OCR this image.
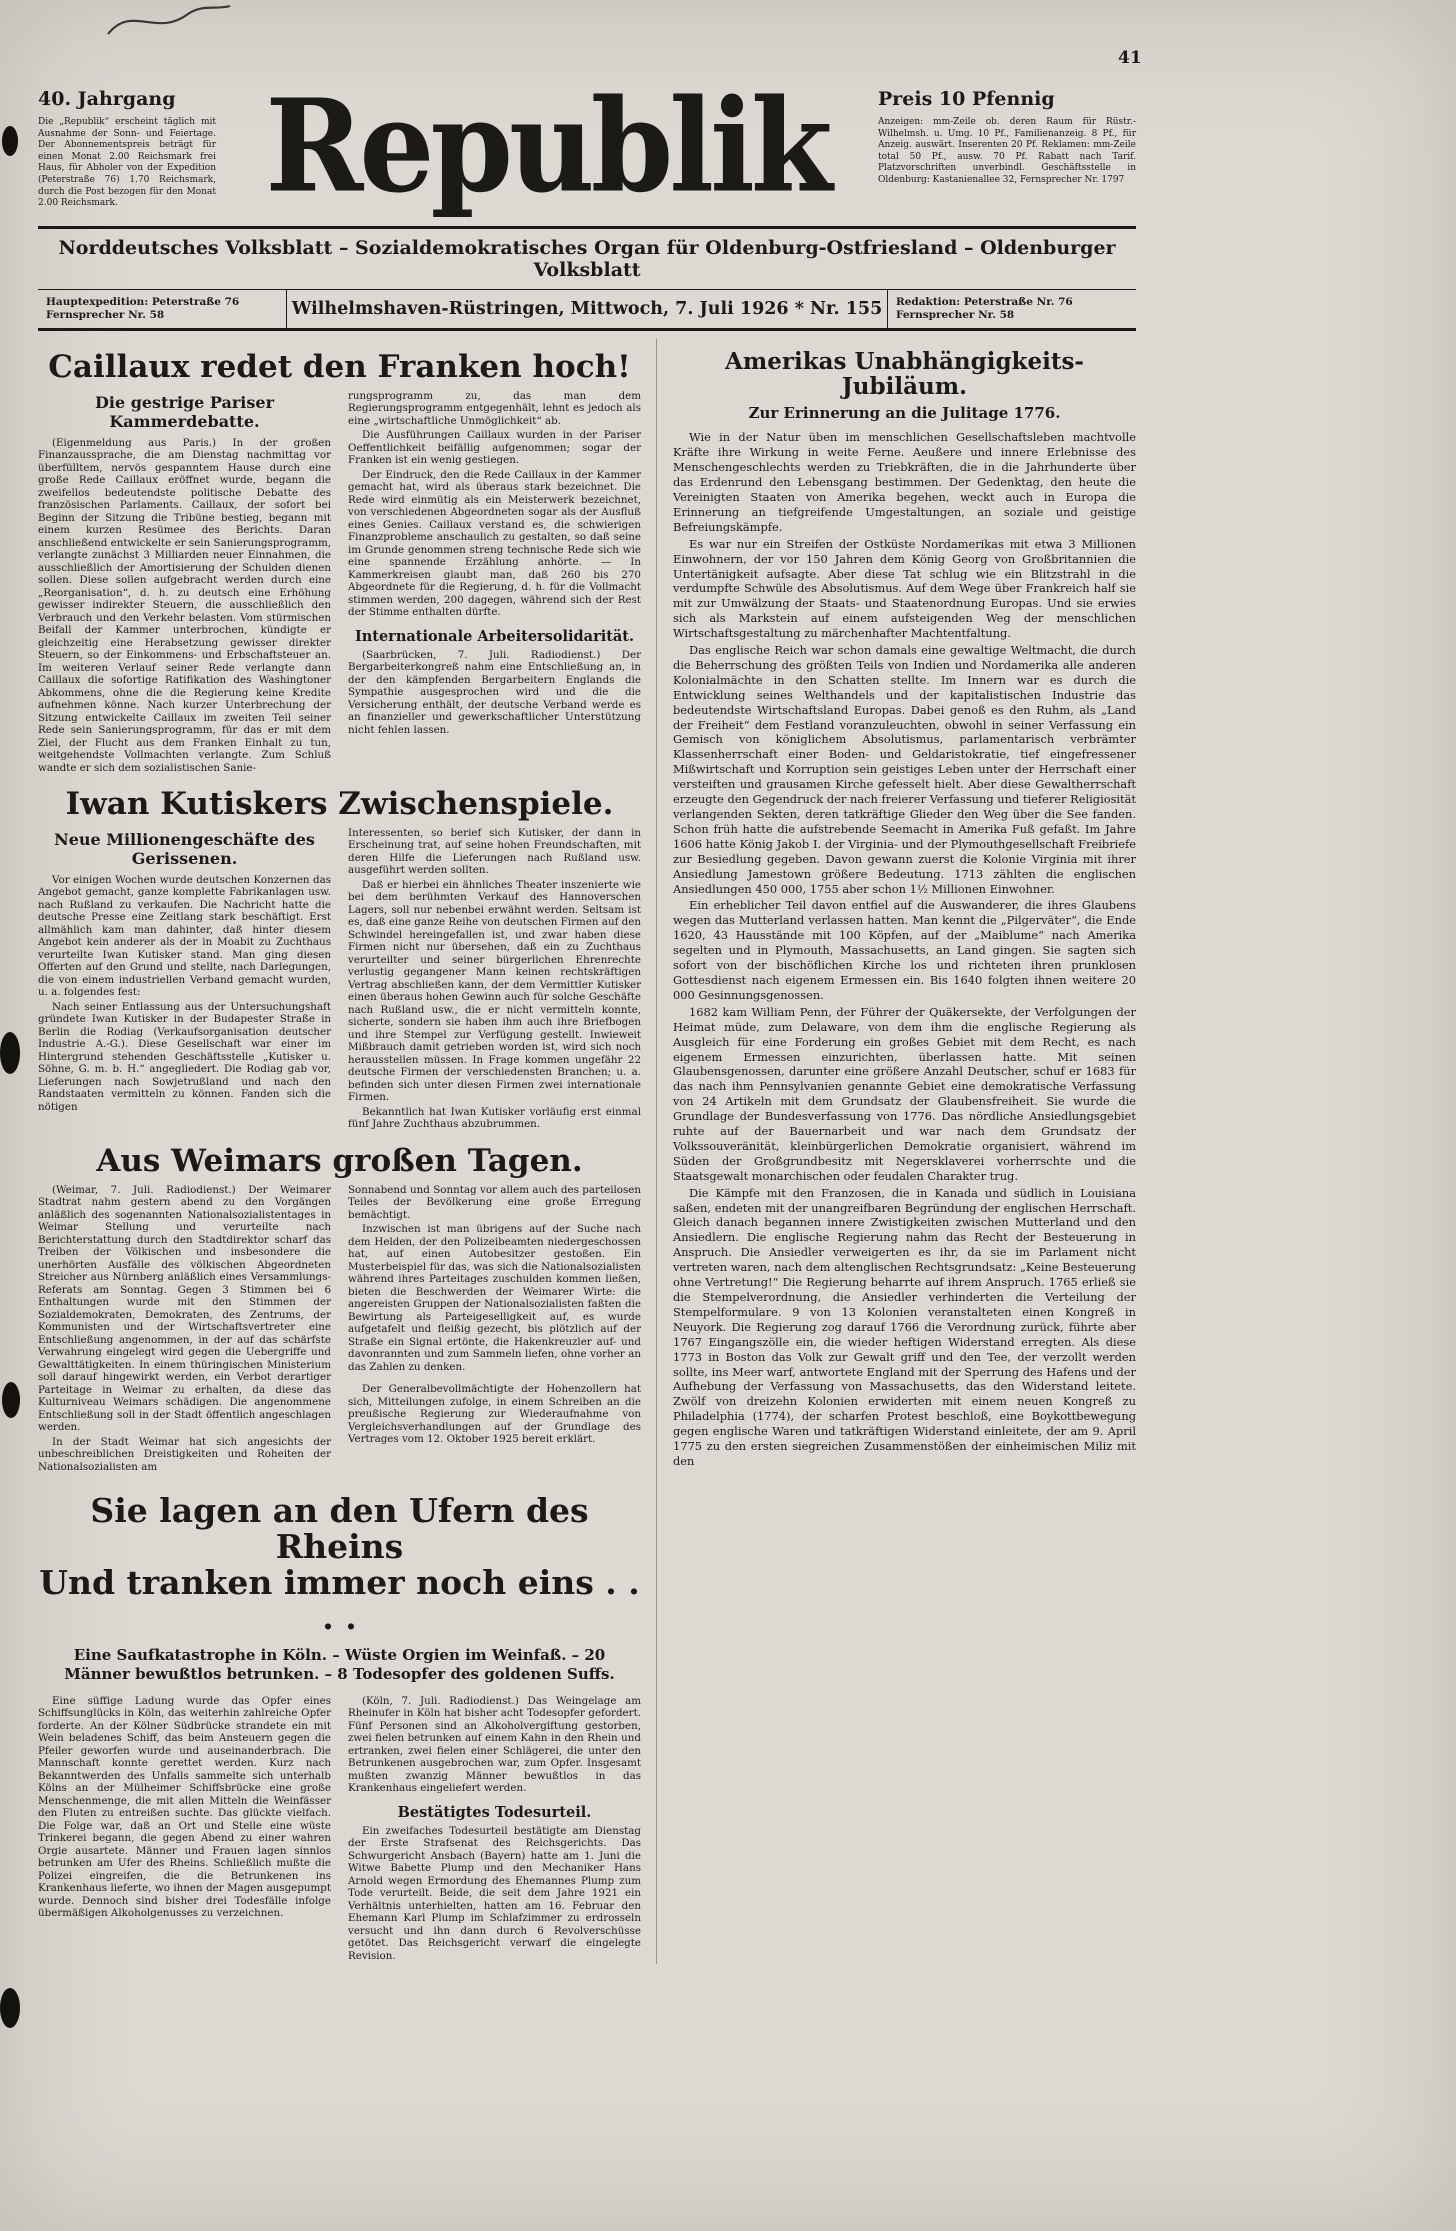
41
40. Jahrgang
Die „Republik“ erscheint täglich mit Ausnahme der Sonn- und Feiertage. Der Abonnementspreis beträgt für einen Monat 2.00 Reichsmark frei Haus, für Abholer von der Expedition (Peterstraße 76) 1.70 Reichsmark, durch die Post bezogen für den Monat 2.00 Reichsmark.	Republik	Preis 10 Pfennig
Anzeigen: mm-Zeile ob. deren Raum für Rüstr.-Wilhelmsh. u. Umg. 10 Pf., Familienanzeig. 8 Pf., für Anzeig. auswärt. Inserenten 20 Pf. Reklamen: mm-Zeile total 50 Pf., ausw. 70 Pf. Rabatt nach Tarif. Platzvorschriften unverbindl. Geschäftsstelle in Oldenburg: Kastanienallee 32, Fernsprecher Nr. 1797
Norddeutsches Volksblatt – Sozialdemokratisches Organ für Oldenburg-Ostfriesland – Oldenburger Volksblatt
Hauptexpedition: Peterstraße 76
Fernsprecher Nr. 58	Wilhelmshaven-Rüstringen, Mittwoch, 7. Juli 1926 * Nr. 155	Redaktion: Peterstraße Nr. 76
Fernsprecher Nr. 58
Caillaux redet den Franken hoch!
Die gestrige Pariser Kammerdebatte.

(Eigenmeldung aus Paris.) In der großen Finanzaussprache, die am Dienstag nachmittag vor überfülltem, nervös gespanntem Hause durch eine große Rede Caillaux eröffnet wurde, begann die zweifellos bedeutendste politische Debatte des französischen Parlaments. Caillaux, der sofort bei Beginn der Sitzung die Tribüne bestieg, begann mit einem kurzen Resümee des Berichts. Daran anschließend entwickelte er sein Sanierungsprogramm, verlangte zunächst 3 Milliarden neuer Einnahmen, die ausschließlich der Amortisierung der Schulden dienen sollen. Diese sollen aufgebracht werden durch eine „Reorganisation“, d. h. zu deutsch eine Erhöhung gewisser indirekter Steuern, die ausschließlich den Verbrauch und den Verkehr belasten. Vom stürmischen Beifall der Kammer unterbrochen, kündigte er gleichzeitig eine Herabsetzung gewisser direkter Steuern, so der Einkommens- und Erbschaftsteuer an. Im weiteren Verlauf seiner Rede verlangte dann Caillaux die sofortige Ratifikation des Washingtoner Abkommens, ohne die die Regierung keine Kredite aufnehmen könne. Nach kurzer Unterbrechung der Sitzung entwickelte Caillaux im zweiten Teil seiner Rede sein Sanierungsprogramm, für das er mit dem Ziel, der Flucht aus dem Franken Einhalt zu tun, weitgehendste Vollmachten verlangte. Zum Schluß wandte er sich dem sozialistischen Sanie-

rungsprogramm zu, das man dem Regierungsprogramm entgegenhält, lehnt es jedoch als eine „wirtschaftliche Unmöglichkeit“ ab.

Die Ausführungen Caillaux wurden in der Pariser Oeffentlichkeit beifällig aufgenommen; sogar der Franken ist ein wenig gestiegen.

Der Eindruck, den die Rede Caillaux in der Kammer gemacht hat, wird als überaus stark bezeichnet. Die Rede wird einmütig als ein Meisterwerk bezeichnet, von verschiedenen Abgeordneten sogar als der Ausfluß eines Genies. Caillaux verstand es, die schwierigen Finanzprobleme anschaulich zu gestalten, so daß seine im Grunde genommen streng technische Rede sich wie eine spannende Erzählung anhörte. — In Kammerkreisen glaubt man, daß 260 bis 270 Abgeordnete für die Regierung, d. h. für die Vollmacht stimmen werden, 200 dagegen, während sich der Rest der Stimme enthalten dürfte.

Internationale Arbeitersolidarität.

(Saarbrücken, 7. Juli. Radiodienst.) Der Bergarbeiterkongreß nahm eine Entschließung an, in der den kämpfenden Bergarbeitern Englands die Sympathie ausgesprochen wird und die die Versicherung enthält, der deutsche Verband werde es an finanzieller und gewerkschaftlicher Unterstützung nicht fehlen lassen.

Iwan Kutiskers Zwischenspiele.
Neue Millionengeschäfte des Gerissenen.

Vor einigen Wochen wurde deutschen Konzernen das Angebot gemacht, ganze komplette Fabrikanlagen usw. nach Rußland zu verkaufen. Die Nachricht hatte die deutsche Presse eine Zeitlang stark beschäftigt. Erst allmählich kam man dahinter, daß hinter diesem Angebot kein anderer als der in Moabit zu Zuchthaus verurteilte Iwan Kutisker stand. Man ging diesen Offerten auf den Grund und stellte, nach Darlegungen, die von einem industriellen Verband gemacht wurden, u. a. folgendes fest:

Nach seiner Entlassung aus der Untersuchungshaft gründete Iwan Kutisker in der Budapester Straße in Berlin die Rodiag (Verkaufsorganisation deutscher Industrie A.-G.). Diese Gesellschaft war einer im Hintergrund stehenden Geschäftsstelle „Kutisker u. Söhne, G. m. b. H.“ angegliedert. Die Rodiag gab vor, Lieferungen nach Sowjetrußland und nach den Randstaaten vermitteln zu können. Fanden sich die nötigen

Interessenten, so berief sich Kutisker, der dann in Erscheinung trat, auf seine hohen Freundschaften, mit deren Hilfe die Lieferungen nach Rußland usw. ausgeführt werden sollten.

Daß er hierbei ein ähnliches Theater inszenierte wie bei dem berühmten Verkauf des Hannoverschen Lagers, soll nur nebenbei erwähnt werden. Seltsam ist es, daß eine ganze Reihe von deutschen Firmen auf den Schwindel hereingefallen ist, und zwar haben diese Firmen nicht nur übersehen, daß ein zu Zuchthaus verurteilter und seiner bürgerlichen Ehrenrechte verlustig gegangener Mann keinen rechtskräftigen Vertrag abschließen kann, der dem Vermittler Kutisker einen überaus hohen Gewinn auch für solche Geschäfte nach Rußland usw., die er nicht vermitteln konnte, sicherte, sondern sie haben ihm auch ihre Briefbogen und ihre Stempel zur Verfügung gestellt. Inwieweit Mißbrauch damit getrieben worden ist, wird sich noch herausstellen müssen. In Frage kommen ungefähr 22 deutsche Firmen der verschiedensten Branchen; u. a. befinden sich unter diesen Firmen zwei internationale Firmen.

Bekanntlich hat Iwan Kutisker vorläufig erst einmal fünf Jahre Zuchthaus abzubrummen.

Aus Weimars großen Tagen.

(Weimar, 7. Juli. Radiodienst.) Der Weimarer Stadtrat nahm gestern abend zu den Vorgängen anläßlich des sogenannten Nationalsozialistentages in Weimar Stellung und verurteilte nach Berichterstattung durch den Stadtdirektor scharf das Treiben der Völkischen und insbesondere die unerhörten Ausfälle des völkischen Abgeordneten Streicher aus Nürnberg anläßlich eines Versammlungs-Referats am Sonntag. Gegen 3 Stimmen bei 6 Enthaltungen wurde mit den Stimmen der Sozialdemokraten, Demokraten, des Zentrums, der Kommunisten und der Wirtschaftsvertreter eine Entschließung angenommen, in der auf das schärfste Verwahrung eingelegt wird gegen die Uebergriffe und Gewalttätigkeiten. In einem thüringischen Ministerium soll darauf hingewirkt werden, ein Verbot derartiger Parteitage in Weimar zu erhalten, da diese das Kulturniveau Weimars schädigen. Die angenommene Entschließung soll in der Stadt öffentlich angeschlagen werden.

In der Stadt Weimar hat sich angesichts der unbeschreiblichen Dreistigkeiten und Roheiten der Nationalsozialisten am

Sonnabend und Sonntag vor allem auch des parteilosen Teiles der Bevölkerung eine große Erregung bemächtigt.

Inzwischen ist man übrigens auf der Suche nach dem Helden, der den Polizeibeamten niedergeschossen hat, auf einen Autobesitzer gestoßen. Ein Musterbeispiel für das, was sich die Nationalsozialisten während ihres Parteitages zuschulden kommen ließen, bieten die Beschwerden der Weimarer Wirte: die angereisten Gruppen der Nationalsozialisten faßten die Bewirtung als Parteigeselligkeit auf, es wurde aufgetafelt und fleißig gezecht, bis plötzlich auf der Straße ein Signal ertönte, die Hakenkreuzler auf- und davonrannten und zum Sammeln liefen, ohne vorher an das Zahlen zu denken.

Der Generalbevollmächtigte der Hohenzollern hat sich, Mitteilungen zufolge, in einem Schreiben an die preußische Regierung zur Wiederaufnahme von Vergleichsverhandlungen auf der Grundlage des Vertrages vom 12. Oktober 1925 bereit erklärt.

Sie lagen an den Ufern des Rheins
Und tranken immer noch eins . . . .
Eine Saufkatastrophe in Köln. – Wüste Orgien im Weinfaß. – 20 Männer bewußtlos betrunken. – 8 Todesopfer des goldenen Suffs.

Eine süffige Ladung wurde das Opfer eines Schiffsunglücks in Köln, das weiterhin zahlreiche Opfer forderte. An der Kölner Südbrücke strandete ein mit Wein beladenes Schiff, das beim Ansteuern gegen die Pfeiler geworfen wurde und auseinanderbrach. Die Mannschaft konnte gerettet werden. Kurz nach Bekanntwerden des Unfalls sammelte sich unterhalb Kölns an der Mülheimer Schiffsbrücke eine große Menschenmenge, die mit allen Mitteln die Weinfässer den Fluten zu entreißen suchte. Das glückte vielfach. Die Folge war, daß an Ort und Stelle eine wüste Trinkerei begann, die gegen Abend zu einer wahren Orgie ausartete. Männer und Frauen lagen sinnlos betrunken am Ufer des Rheins. Schließlich mußte die Polizei eingreifen, die die Betrunkenen ins Krankenhaus lieferte, wo ihnen der Magen ausgepumpt wurde. Dennoch sind bisher drei Todesfälle infolge übermäßigen Alkoholgenusses zu verzeichnen.

(Köln, 7. Juli. Radiodienst.) Das Weingelage am Rheinufer in Köln hat bisher acht Todesopfer gefordert. Fünf Personen sind an Alkoholvergiftung gestorben, zwei fielen betrunken auf einem Kahn in den Rhein und ertranken, zwei fielen einer Schlägerei, die unter den Betrunkenen ausgebrochen war, zum Opfer. Insgesamt mußten zwanzig Männer bewußtlos in das Krankenhaus eingeliefert werden.

Bestätigtes Todesurteil.

Ein zweifaches Todesurteil bestätigte am Dienstag der Erste Strafsenat des Reichsgerichts. Das Schwurgericht Ansbach (Bayern) hatte am 1. Juni die Witwe Babette Plump und den Mechaniker Hans Arnold wegen Ermordung des Ehemannes Plump zum Tode verurteilt. Beide, die seit dem Jahre 1921 ein Verhältnis unterhielten, hatten am 16. Februar den Ehemann Karl Plump im Schlafzimmer zu erdrosseln versucht und ihn dann durch 6 Revolverschüsse getötet. Das Reichsgericht verwarf die eingelegte Revision.

Amerikas Unabhängigkeits-Jubiläum.
Zur Erinnerung an die Julitage 1776.

Wie in der Natur üben im menschlichen Gesellschaftsleben machtvolle Kräfte ihre Wirkung in weite Ferne. Aeußere und innere Erlebnisse des Menschengeschlechts werden zu Triebkräften, die in die Jahrhunderte über das Erdenrund den Lebensgang bestimmen. Der Gedenktag, den heute die Vereinigten Staaten von Amerika begehen, weckt auch in Europa die Erinnerung an tiefgreifende Umgestaltungen, an soziale und geistige Befreiungskämpfe.

Es war nur ein Streifen der Ostküste Nordamerikas mit etwa 3 Millionen Einwohnern, der vor 150 Jahren dem König Georg von Großbritannien die Untertänigkeit aufsagte. Aber diese Tat schlug wie ein Blitzstrahl in die verdumpfte Schwüle des Absolutismus. Auf dem Wege über Frankreich half sie mit zur Umwälzung der Staats- und Staatenordnung Europas. Und sie erwies sich als Markstein auf einem aufsteigenden Weg der menschlichen Wirtschaftsgestaltung zu märchenhafter Machtentfaltung.

Das englische Reich war schon damals eine gewaltige Weltmacht, die durch die Beherrschung des größten Teils von Indien und Nordamerika alle anderen Kolonialmächte in den Schatten stellte. Im Innern war es durch die Entwicklung seines Welthandels und der kapitalistischen Industrie das bedeutendste Wirtschaftsland Europas. Dabei genoß es den Ruhm, als „Land der Freiheit“ dem Festland voranzuleuchten, obwohl in seiner Verfassung ein Gemisch von königlichem Absolutismus, parlamentarisch verbrämter Klassenherrschaft einer Boden- und Geldaristokratie, tief eingefressener Mißwirtschaft und Korruption sein geistiges Leben unter der Herrschaft einer versteiften und grausamen Kirche gefesselt hielt. Aber diese Gewaltherrschaft erzeugte den Gegendruck der nach freierer Verfassung und tieferer Religiosität verlangenden Sekten, deren tatkräftige Glieder den Weg über die See fanden. Schon früh hatte die aufstrebende Seemacht in Amerika Fuß gefaßt. Im Jahre 1606 hatte König Jakob I. der Virginia- und der Plymouthgesellschaft Freibriefe zur Besiedlung gegeben. Davon gewann zuerst die Kolonie Virginia mit ihrer Ansiedlung Jamestown größere Bedeutung. 1713 zählten die englischen Ansiedlungen 450 000, 1755 aber schon 1½ Millionen Einwohner.

Ein erheblicher Teil davon entfiel auf die Auswanderer, die ihres Glaubens wegen das Mutterland verlassen hatten. Man kennt die „Pilgerväter“, die Ende 1620, 43 Hausstände mit 100 Köpfen, auf der „Maiblume“ nach Amerika segelten und in Plymouth, Massachusetts, an Land gingen. Sie sagten sich sofort von der bischöflichen Kirche los und richteten ihren prunklosen Gottesdienst nach eigenem Ermessen ein. Bis 1640 folgten ihnen weitere 20 000 Gesinnungsgenossen.

1682 kam William Penn, der Führer der Quäkersekte, der Verfolgungen der Heimat müde, zum Delaware, von dem ihm die englische Regierung als Ausgleich für eine Forderung ein großes Gebiet mit dem Recht, es nach eigenem Ermessen einzurichten, überlassen hatte. Mit seinen Glaubensgenossen, darunter eine größere Anzahl Deutscher, schuf er 1683 für das nach ihm Pennsylvanien genannte Gebiet eine demokratische Verfassung von 24 Artikeln mit dem Grundsatz der Glaubensfreiheit. Sie wurde die Grundlage der Bundesverfassung von 1776. Das nördliche Ansiedlungsgebiet ruhte auf der Bauernarbeit und war nach dem Grundsatz der Volkssouveränität, kleinbürgerlichen Demokratie organisiert, während im Süden der Großgrundbesitz mit Negersklaverei vorherrschte und die Staatsgewalt monarchischen oder feudalen Charakter trug.

Die Kämpfe mit den Franzosen, die in Kanada und südlich in Louisiana saßen, endeten mit der unangreifbaren Begründung der englischen Herrschaft. Gleich danach begannen innere Zwistigkeiten zwischen Mutterland und den Ansiedlern. Die englische Regierung nahm das Recht der Besteuerung in Anspruch. Die Ansiedler verweigerten es ihr, da sie im Parlament nicht vertreten waren, nach dem altenglischen Rechtsgrundsatz: „Keine Besteuerung ohne Vertretung!“ Die Regierung beharrte auf ihrem Anspruch. 1765 erließ sie die Stempelverordnung, die Ansiedler verhinderten die Verteilung der Stempelformulare. 9 von 13 Kolonien veranstalteten einen Kongreß in Neuyork. Die Regierung zog darauf 1766 die Verordnung zurück, führte aber 1767 Eingangszölle ein, die wieder heftigen Widerstand erregten. Als diese 1773 in Boston das Volk zur Gewalt griff und den Tee, der verzollt werden sollte, ins Meer warf, antwortete England mit der Sperrung des Hafens und der Aufhebung der Verfassung von Massachusetts, das den Widerstand leitete. Zwölf von dreizehn Kolonien erwiderten mit einem neuen Kongreß zu Philadelphia (1774), der scharfen Protest beschloß, eine Boykottbewegung gegen englische Waren und tatkräftigen Widerstand einleitete, der am 9. April 1775 zu den ersten siegreichen Zusammenstößen der einheimischen Miliz mit den
